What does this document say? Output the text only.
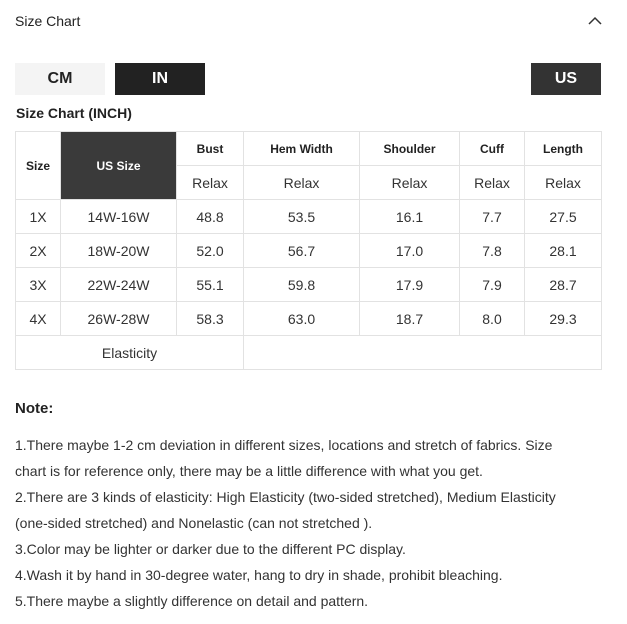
Size Chart
CM	IN	US
Size Chart (INCH)
Size	US Size	Bust	Hem Width	Shoulder	Cuff	Length
		Relax	Relax	Relax	Relax	Relax
1X	14W-16W	48.8	53.5	16.1	7.7	27.5
2X	18W-20W	52.0	56.7	17.0	7.8	28.1
3X	22W-24W	55.1	59.8	17.9	7.9	28.7
4X	26W-28W	58.3	63.0	18.7	8.0	29.3
Elasticity						
Note:

1.There maybe 1-2 cm deviation in different sizes, locations and stretch of fabrics. Size

chart is for reference only, there may be a little difference with what you get.

2.There are 3 kinds of elasticity: High Elasticity (two-sided stretched), Medium Elasticity

(one-sided stretched) and Nonelastic (can not stretched ).

3.Color may be lighter or darker due to the different PC display.

4.Wash it by hand in 30-degree water, hang to dry in shade, prohibit bleaching.

5.There maybe a slightly difference on detail and pattern.
